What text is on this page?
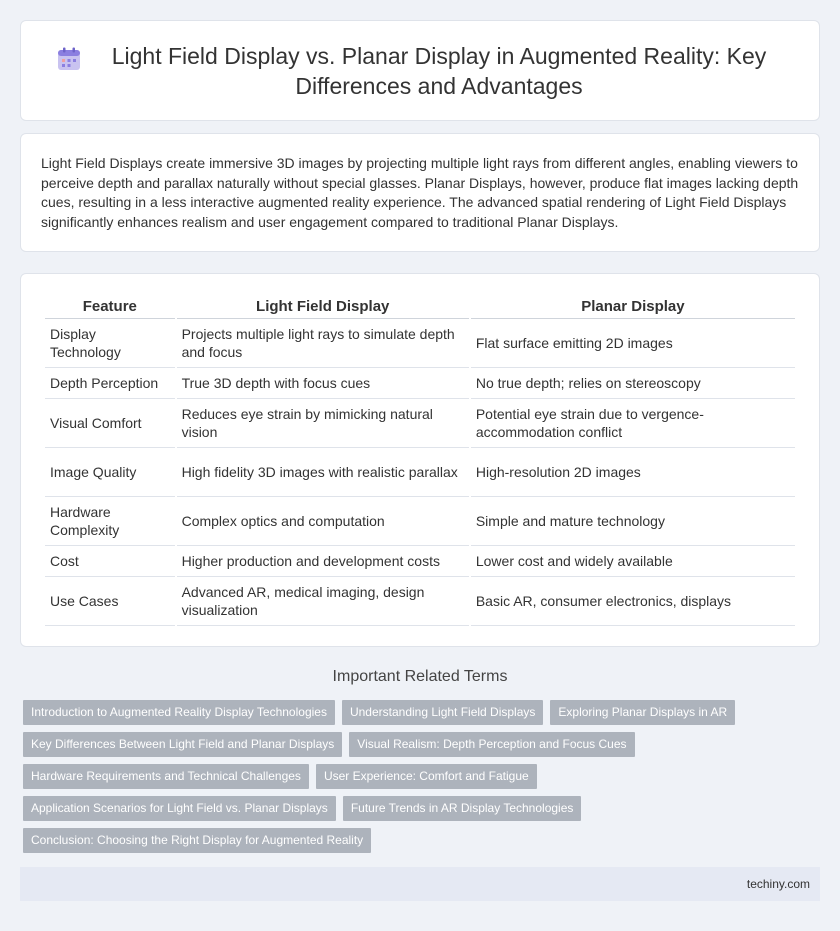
Light Field Display vs. Planar Display in Augmented Reality: Key Differences and Advantages

Light Field Displays create immersive 3D images by projecting multiple light rays from different angles, enabling viewers to perceive depth and parallax naturally without special glasses. Planar Displays, however, produce flat images lacking depth cues, resulting in a less interactive augmented reality experience. The advanced spatial rendering of Light Field Displays significantly enhances realism and user engagement compared to traditional Planar Displays.

Feature	Light Field Display	Planar Display
Display Technology	Projects multiple light rays to simulate depth and focus	Flat surface emitting 2D images
Depth Perception	True 3D depth with focus cues	No true depth; relies on stereoscopy
Visual Comfort	Reduces eye strain by mimicking natural vision	Potential eye strain due to vergence-accommodation conflict
Image Quality	High fidelity 3D images with realistic parallax	High-resolution 2D images
Hardware Complexity	Complex optics and computation	Simple and mature technology
Cost	Higher production and development costs	Lower cost and widely available
Use Cases	Advanced AR, medical imaging, design visualization	Basic AR, consumer electronics, displays
Important Related Terms
Introduction to Augmented Reality Display Technologies	Understanding Light Field Displays	Exploring Planar Displays in AR
Key Differences Between Light Field and Planar Displays	Visual Realism: Depth Perception and Focus Cues
Hardware Requirements and Technical Challenges	User Experience: Comfort and Fatigue
Application Scenarios for Light Field vs. Planar Displays	Future Trends in AR Display Technologies
Conclusion: Choosing the Right Display for Augmented Reality
techiny.com
